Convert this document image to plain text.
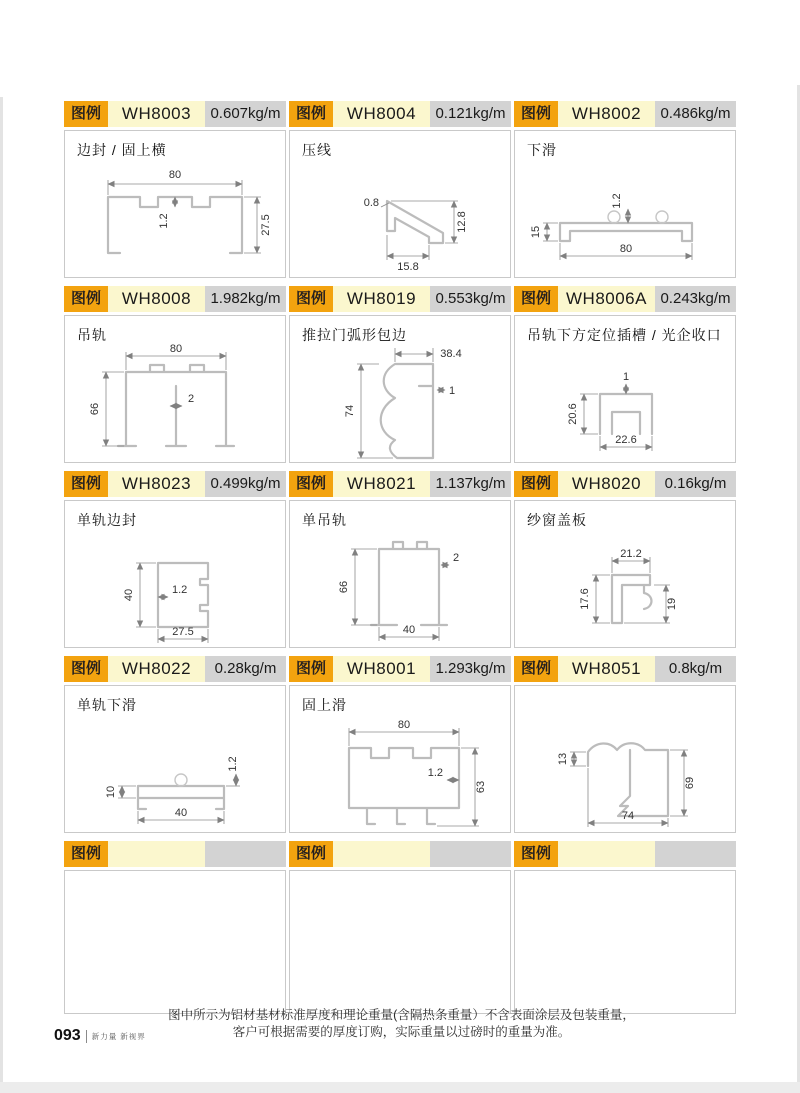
图例	WH8003	0.607kg/m
边封 / 固上横
80
1.2	27.5
图例	WH8004	0.121kg/m
压线
0.8
12.8
15.8
图例	WH8002	0.486kg/m
下滑
15
1.2
80
图例	WH8008	1.982kg/m
吊轨
80
66
2
图例	WH8019	0.553kg/m
推拉门弧形包边
38.4
74
1
图例 WH8006A 0.243kg/m
吊轨下方定位插槽 / 光企收口
20.6
1
22.6
图例	WH8023	0.499kg/m
单轨边封
40	1.2
27.5
图例	WH8021	1.137kg/m
单吊轨
66
2
40
图例	WH8020	0.16kg/m
纱窗盖板
21.2
17.6	19
图例	WH8022	0.28kg/m
单轨下滑
10
1.2
40
图例	WH8001	1.293kg/m
固上滑
80
1.2
63
图例	WH8051	0.8kg/m
13
69
74
图例	图例	图例
图中所示为铝材基材标准厚度和理论重量(含隔热条重量）不含表面涂层及包装重量，
客户可根据需要的厚度订购，实际重量以过磅时的重量为准。
093 新力量 新视界
